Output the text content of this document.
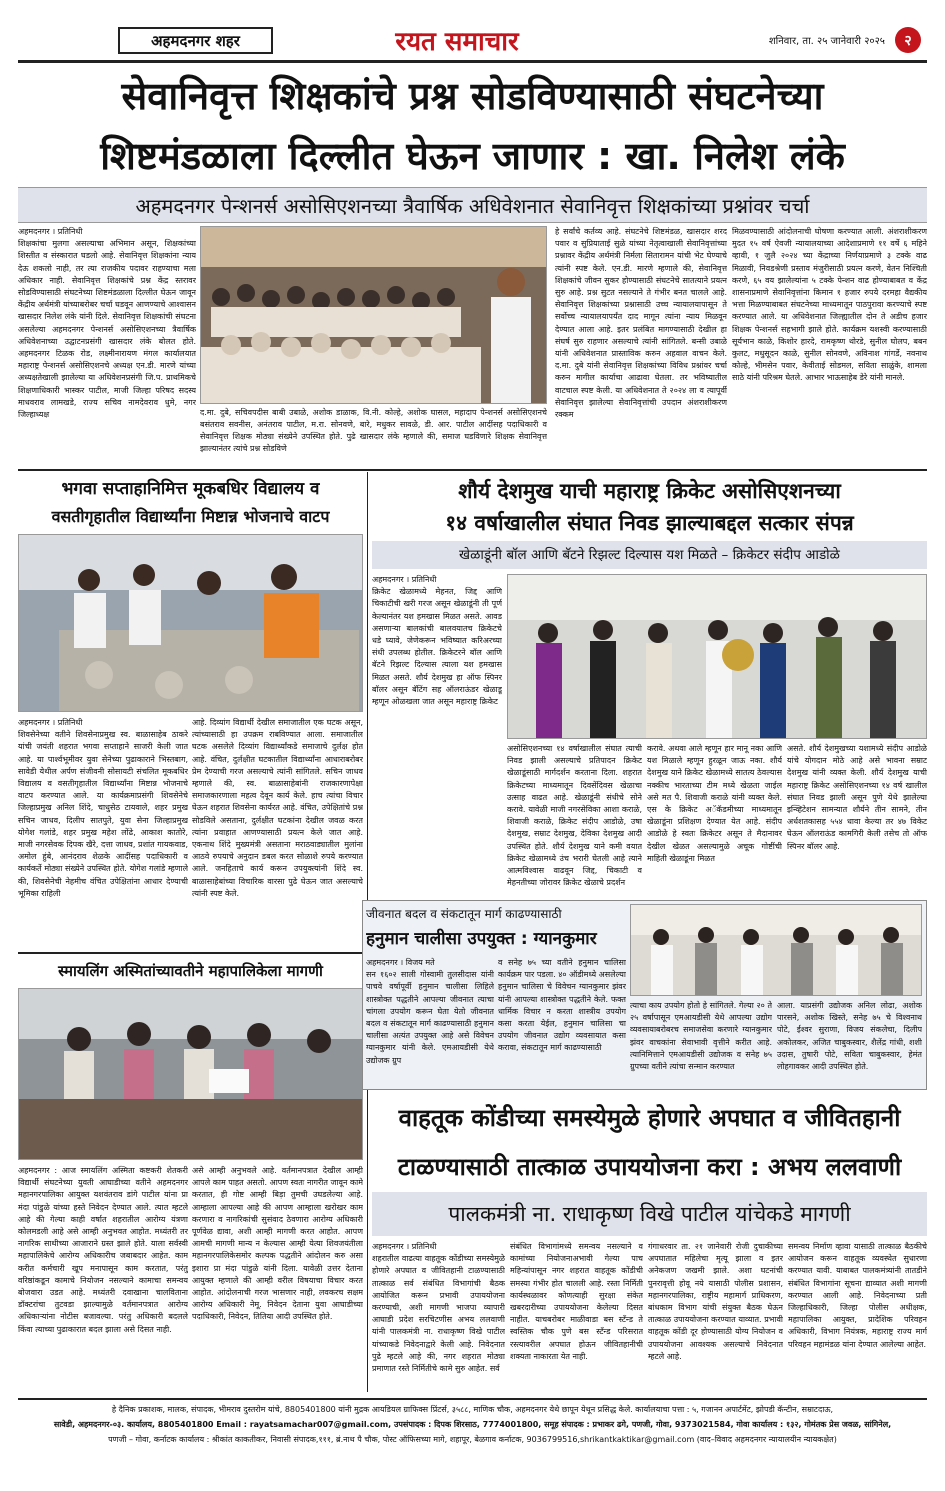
अहमदनगर शहर	रयत समाचार	शनिवार, ता. २५ जानेवारी २०२५ २
सेवानिवृत्त शिक्षकांचे प्रश्न सोडविण्यासाठी संघटनेच्या
शिष्टमंडळाला दिल्लीत घेऊन जाणार : खा. निलेश लंके
अहमदनगर पेन्शनर्स असोसिएशनच्या त्रैवार्षिक अधिवेशनात सेवानिवृत्त शिक्षकांच्या प्रश्नांवर चर्चा
अहमदनगर । प्रतिनिधी
शिक्षकांचा मुलगा असल्याचा अभिमान असून, शिक्षकांच्या शिस्तीत व संस्कारात घडलो आहे. सेवानिवृत्त शिक्षकांना न्याय देऊ शकलो नाही, तर त्या राजकीय पदावर राहण्याचा मला अधिकार नाही. सेवानिवृत्त शिक्षकांचे प्रश्न केंद्र स्तरावर सोडविण्यासाठी संघटनेच्या शिष्टमंडळाला दिल्लीत घेऊन जावून केंद्रीय अर्थमंत्री यांच्याबरोबर चर्चा घडवून आणण्याचे आश्वासन खासदार निलेश लंके यांनी दिले. सेवानिवृत्त शिक्षकांची संघटना असलेल्या अहमदनगर पेन्शनर्स असोसिएशनच्या त्रैवार्षिक अधिवेशनाच्या उद्घाटनप्रसंगी खासदार लंके बोलत होते. अहमदनगर टिळक रोड, लक्ष्मीनारायण मंगल कार्यालयात महाराष्ट्र पेन्शनर्स असोसिएशनचे अध्यक्ष एन.डी. मारणे यांच्या अध्यक्षतेखाली झालेल्या या अधिवेशनप्रसंगी जि.प. प्राथमिकचे शिक्षणाधिकारी भास्कर पाटील, माजी जिल्हा परिषद सदस्य माधवराव लामखडे, राज्य सचिव नामदेवराव धुमे, नगर जिल्हाध्यक्ष	द.मा. दुबे, सचिवपदीस बाबी उबाळे, अशोक डाळाक, वि.नी. कोल्हे, अशोक घासल, महादाप पेन्शनर्स असोसिएशनचे बसंतराव सवनीस, अनंतराव पाटील, म.रा. सोनवणे, बारे, मधुकर सावळे, डी. आर. पाटील आदींसह पदाधिकारी व सेवानिवृत्त शिक्षक मोठ्या संख्येने उपस्थित होते. पुढे खासदार लंके म्हणाले की, समाज घडविणारे शिक्षक सेवानिवृत्त झाल्यानंतर त्यांचे प्रश्न सोडविणे
हे सर्वांचे कर्तव्य आहे. संघटनेचे शिष्टमंडळ, खासदार शरद पवार व सुप्रियाताई सुळे यांच्या नेतृत्वाखाली सेवानिवृत्तांच्या प्रश्नावर केंद्रीय अर्थमंत्री निर्मला सितारामन यांची भेट घेण्याचे त्यांनी स्पष्ट केले. एन.डी. मारणे म्हणाले की, सेवानिवृत्त शिक्षकांचे जीवन सुकर होण्यासाठी संघटनेचे सातत्याने प्रयत्न सुरु आहे. प्रश्न सुटत नसल्याने ते गंभीर बनत चालले आहे. सेवानिवृत्त शिक्षकांच्या प्रश्नासाठी उच्च न्यायालयापासून ते सर्वोच्च न्यायालयापर्यंत दाद मागून त्यांना न्याय मिळवून देण्यात आला आहे. इतर प्रलंबित मागण्यासाठी देखील हा संघर्ष सुरु राहणार असल्याचे त्यांनी सांगितले. बन्सी उबाळे यांनी अधिवेशनात प्रास्ताविक करुन अहवाल वाचन केले. द.मा. दुबे यांनी सेवानिवृत्त शिक्षकांच्या विविध प्रश्नांवर चर्चा करुन मागील कार्याचा आढावा घेतला. तर भविष्यातील वाटचाल स्पष्ट केली. या अधिवेशनात ते २०२४ ला व त्यापूर्वी सेवानिवृत्त झालेल्या सेवानिवृत्तांची उपदान अंशराशीकरण रक्कम
मिळवण्यासाठी आंदोलनाची घोषणा करण्यात आली. अंशराशीकरण मुदत १५ वर्ष ऐवजी न्यायालयाच्या आदेशाप्रमाणे ११ वर्षे ६ महिने व्हावी, १ जुलै २०२४ च्या केंद्राच्या निर्णयाप्रमाणे ३ टक्के वाढ मिळावी, निवडश्रेणी प्रस्ताव मंजुरीसाठी प्रयत्न करणे, वेतन निश्चिती करणे, ६५ वय झालेल्यांना ५ टक्के पेन्शन वाढ होण्याबाबत व केंद्र शासनाप्रमाणे सेवानिवृत्तांना किमान १ हजार रुपये दरमहा वैद्यकीय भत्ता मिळण्याबाबत संघटनेच्या माध्यमातून पाठपुरावा करण्याचे स्पष्ट करण्यात आले. या अधिवेशनात जिल्ह्यातील दोन ते अडीच हजार शिक्षक पेन्शनर्स सहभागी झाले होते. कार्यक्रम यशस्वी करण्यासाठी सूर्यभान काळे, किशोर हारदे, रामकृष्ण थोरडे, सुनील घोलप, बबन कुलट, मधुसूदन काळे, सुनील सोनवणे, अविनाश गांगर्डे, नवनाथ कोल्हे, भीमसेन पवार, केवीताई सोडमल, सविता साळुंके, शामला साठे यांनी परिश्रम घेतले. आभार भाऊसाहेब डेरे यांनी मानले.
भगवा सप्ताहानिमित्त मूकबधिर विद्यालय व
वसतीगृहातील विद्यार्थ्यांना मिष्टान्न भोजनाचे वाटप
अहमदनगर । प्रतिनिधी
शिवसेनेच्या वतीने शिवसेनाप्रमुख स्व. बाळासाहेब ठाकरे यांची जयंती शहरात भगवा सप्ताहाने साजरी केली जात आहे. या पार्श्वभूमीवर युवा सेनेच्या पुढाकाराने भिस्तबाग, सावेडी येथील अर्पण संजीवनी सोसायटी संचलित मूकबधिर विद्यालय व वसतीगृहातील विद्यार्थ्यांना मिष्टान्न भोजनाचे वाटप करण्यात आले. या कार्यक्रमाप्रसंगी शिवसेनेचे जिल्हाप्रमुख अनिल शिंदे, चाधुसेठ टायवाले, शहर प्रमुख सचिन जाधव, दिलीप सातपुते, युवा सेना जिल्हाप्रमुख योगेश गलांडे, शहर प्रमुख महेश लोंढे, आकाश कातोरे, माजी नगरसेवक दिपक खैरे, दत्ता जाधव, प्रशांत गायकवाड, अमोल हुंबे, आनंदराव शेळके आदींसह पदाधिकारी व कार्यकर्ते मोठ्या संख्येने उपस्थित होते. योगेश गलांडे म्हणाले की, शिवसेनेची नेहमीच वंचित उपेक्षितांना आधार देण्याची भूमिका राहिली
आहे. दिव्यांग विद्यार्थी देखील समाजातील एक घटक असून, त्यांच्यासाठी हा उपक्रम राबविण्यात आला. समाजातील घटक असलेले दिव्यांग विद्यार्थ्यांकडे समाजाचे दुर्लक्ष होत आहे. वंचित, दुर्लक्षीत घटकातील विद्यार्थ्यांना आधाराबरोबर प्रेम देण्याची गरज असल्याचे त्यांनी सांगितले. सचिन जाधव म्हणाले की, स्व. बाळासाहेबांनी राजकारणापेक्षा समाजकारणाला महत्व देवून कार्य केले. हाच त्यांचा विचार घेऊन शहरात शिवसेना कार्यरत आहे. वंचित, उपेक्षितांचे प्रश्न सोडविले असताना, दुर्लक्षीत घटकांना देखील जवळ करत त्यांना प्रवाहात आणण्यासाठी प्रयत्न केले जात आहे. एकनाथ शिंदे मुख्यमंत्री असताना मराठवाड्यातील मुलांना आठवे रुपयाचे अनुदान डबल करत सोळाशे रुपये करण्यात आले. जनहिताचे कार्य करून उपयुक्त्यांनी शिंदे स्व. बाळासाहेबांच्या विचारिक वारसा पुढे घेऊन जात असल्याचे त्यांनी स्पष्ट केले.
स्मायलिंग अस्मितांच्यावतीने महापालिकेला मागणी
अहमदनगर : आज स्मायलिंग अस्मिता कष्टकरी शेतकरी विद्यार्थी संघटनेच्या युवती आघाडीच्या वतीने अहमदनगर महानगरपालिका आयुक्त यशवंतराव डांगे पाटील यांना प्रा मंदा पांडुळे यांच्या हस्ते निवेदन देण्यात आले. त्यात म्हटले आहे की गेल्या काही वर्षात शहरातील आरोग्य यंत्रणा कोलमडली आहे असे आम्ही अनुभवत आहोत. मध्यंतरी तर नागरिक साथीच्या आजाराने ग्रस्त झाले होते. याला सर्वस्वी महापालिकेचे आरोग्य अधिकारीच जबाबदार आहेत. काम करीत कर्मचारी खूप मनापासून काम करतात, परंतु वरिष्ठांकडून कामाचे नियोजन नसल्याने कामाचा समन्वय बोजवारा उडत आहे. मध्यंतरी दवाखाना चालविताना डॉक्टरांचा तुटवडा झाल्यामुळे वर्तमानपत्रात आरोग्य अधिकाऱ्यांना नोटीस बजावल्या. परंतु अधिकारी बदलले किंवा त्याच्या पुढाकारात बदल झाला असे दिसत नाही.
असे आम्ही अनुभवले आहे. वर्तमानपत्रात देखील आम्ही आपले काम पाहत असतो. आपण स्वतः नागरीत जावून कामे करतात, ही गोष्ट आम्ही बिड़ा तुमची उघडलेल्या आहे. आम्हाला आपल्या आहे की आपण आम्हाला खरोखर काम करणारा व नागरिकांची सुसंवाद ठेवणारा आरोग्य अधिकारी पूर्णवेळ द्यावा, अशी आम्ही मागणी करत आहोत. आपण आमची मागणी मान्य न केल्यास आम्ही येत्या शिवजयंतीला महानगरपालिकेसमोर कल्पक पद्धतीने आंदोलन करु असा इशारा प्रा मंदा पांडुळे यांनी दिला. यावेळी उत्तर देताना आयुक्त म्हणाले की आम्ही वरील विषयाचा विचार करत आहोत. आंदोलनाची गरज भासणार नाही, लवकरच सक्षम आरोग्य अधिकारी नेमू. निवेदन देताना युवा आघाडीच्या पदाधिकारी, निवेदन, तितिया आदी उपस्थित होते.
शौर्य देशमुख याची महाराष्ट्र क्रिकेट असोसिएशनच्या
१४ वर्षाखालील संघात निवड झाल्याबद्दल सत्कार संपन्न
खेळाडूंनी बॉल आणि बॅटने रिझल्ट दिल्यास यश मिळते – क्रिकेटर संदीप आडोळे
अहमदनगर । प्रतिनिधी
क्रिकेट खेळामध्ये मेहनत, जिद्द आणि चिकाटीची खरी गरज असून खेळाडूंनी ती पूर्ण केल्यानंतर यश हमखास मिळत असते. आवड असणाऱ्या बालकांची बालवयातच क्रिकेटचे धडे घ्यावे, जेणेकरून भविष्यात करिअरच्या संधी उपलब्ध होतील. क्रिकेटरने बॉल आणि बॅटने रिझल्ट दिल्यास त्याला यश हमखास मिळत असते. शौर्य देशमुख हा ऑफ स्पिनर बॉलर असून बॅटिंग सह ऑलराऊंडर खेळाडू म्हणून ओळखला जात असून महाराष्ट्र क्रिकेट
असोसिएशनच्या १४ वर्षाखालील संघात त्याची निवड झाली असल्याचे प्रतिपादन क्रिकेट खेळाडूंसाठी मार्गदर्शन करताना दिला. शहरात क्रिकेटच्या माध्यमातून दिवसेंदिवस खेळाचा उत्साह वाढत आहे. खेळाडूंनी संधीचे सोने करावे. यावेळी माजी नगरसेविका आशा कराळे, शिवाजी कराळे, क्रिकेट संदीप आडोळे, उषा देशमुख, सम्राट देशमुख, देविका देशमुख आदी उपस्थित होते. शौर्य देशमुख याने कमी वयात क्रिकेट खेळामध्ये उंच भरारी घेतली आहे त्याने आत्मविश्वास वाढवून जिद्द, चिकाटी व मेहनतीच्या जोरावर क्रिकेट खेळाचे प्रदर्शन
करावे. अथवा आले म्हणून हार मानू नका आणि यश मिळाले म्हणून हुरळून जाऊ नका. शौर्य देशमुख याने क्रिकेट खेळामध्ये सातत्य ठेवल्यास नक्कीच भारताच्या टीम मध्ये खेळता जाईल असे मत पै. शिवाजी कराळे यांनी व्यक्त केले. एस के क्रिकेट अॅकॅडमीच्या माध्यमातून खेळाडूंना प्रशिक्षण देण्यात येत आहे. संदीप आडोळे हे स्वतः क्रिकेटर असून ते मैदानावर देखील खेळत असल्यामुळे अचूक गोष्टींची माहिती खेळाडूंना मिळत
असते. शौर्य देशमुखच्या यशामध्ये संदीप आडोळे यांचे योगदान मोठे आहे असे भावना सम्राट देशमुख यांनी व्यक्त केली. शौर्य देशमुख याची महाराष्ट्र क्रिकेट असोसिएशनच्या १४ वर्ष खालील संघात निवड झाली असून पुणे येथे झालेल्या इन्व्हिटेशन सामन्यात शौर्यने तीन सामने, तीन अर्धशतकासह ५५४ धावा केल्या तर ४७ विकेट घेऊन ऑलराऊंड कामगिरी केली तसेच तो ऑफ स्पिनर बॉलर आहे.
जीवनात बदल व संकटातून मार्ग काढण्यासाठी
हनुमान चालीसा उपयुक्त : ग्यानकुमार
अहमदनगर । विजय मते
सन १६०२ साली गोस्वामी तुलसीदास यांनी पाचवे वर्षापूर्वी हनुमान चालीसा लिहिले शास्त्रोक्त पद्धतीने आपल्या जीवनात त्याचा चांगला उपयोग करून घेता येतो जीवनात बदल व संकटातून मार्ग काढण्यासाठी हनुमान चालीसा अत्यंत उपयुक्त आहे असे विवेचन ग्यानकुमार यांनी केले. एमआयडीसी येथे उद्योजक ग्रुप
व सनेह ७५ च्या वतीने हनुमान चालिसा कार्यक्रम पार पडला. ४० ऑडीमध्ये असलेल्या हनुमान चालिसा चे विवेचन ग्यानकुमार झंवर यांनी आपल्या शास्त्रोक्त पद्धतीने केले. फक्त धार्मिक विचार न करता शास्त्रीय उपयोग कसा करता येईल, हनुमान चालिसा चा उपयोग जीवनात उद्योग व्यवसायात कसा करावा, संकटातून मार्ग काढण्यासाठी
त्याचा काय उपयोग होतो हे सांगितले. गेल्या २० ते २५ वर्षापासून एमआयडीसी येथे आपल्या उद्योग व्यवसायाबरोबरच समाजसेवा करणारे ग्यानकुमार झंवर वाचकांना सेवाभावी वृत्तीने करीत आहे. त्यानिमित्ताने एमआयडीसी उद्योजक व सनेह ७५ ग्रुपच्या वतीने त्यांचा सन्मान करण्यात
आला. याप्रसंगी उद्योजक अनिल लोढा, अशोक पारसने, अशोक खिस्ते, सनेह ७५ चे विश्वनाथ पोटे, ईश्वर सुराणा, विजय संकलेचा, दिलीप अकोलकर, अजित चाबुकस्वार, शैलेंद्र गांधी, शशी उदास, तुषारी पोटे, सविता चाबुकस्वार, हेमंत लोहगावकर आदी उपस्थित होते.
वाहतूक कोंडीच्या समस्येमुळे होणारे अपघात व जीवितहानी
टाळण्यासाठी तात्काळ उपाययोजना करा : अभय ललवाणी
पालकमंत्री ना. राधाकृष्ण विखे पाटील यांचेकडे मागणी
अहमदनगर । प्रतिनिधी
शहरातील वाढत्या वाहतूक कोंडीच्या समस्येमुळे होणारे अपघात व जीवितहानी टाळण्यासाठी तात्काळ सर्व संबंधित विभागांची बैठक आयोजित करून प्रभावी उपाययोजना करण्याची, अशी मागणी भाजपा व्यापारी आघाडी प्रदेश सरचिटणीस अभय ललवाणी यांनी पालकमंत्री ना. राधाकृष्ण विखे पाटील यांच्याकडे निवेदनाद्वारे केली आहे. निवेदनात पुढे म्हटले आहे की, नगर शहरात मोठ्या प्रमाणात रस्ते निर्मितीचे कामे सुरु आहेत. सर्व
संबंधित विभागांमध्ये समन्वय नसल्याने व कामांच्या नियोजनाअभावी गेल्या पाच महिन्यांपासून नगर शहरात वाहतूक कोंडीची समस्या गंभीर होत चालली आहे. रस्ता निर्मिती कार्यस्थळावर कोणत्याही सुरक्षा संकेत खबरदारीच्या उपाययोजना केलेल्या दिसत नाहीत. याचबरोबर माळीवाडा बस स्टँन्ड ते स्वस्तिक चौक पुणे बस स्टँन्ड परिसरात रस्त्यावरील अपघात होऊन जीवितहानीची शक्यता नाकारता येत नाही.
गंगाधरवार ता. २१ जानेवारी रोजी दुचाकीच्या अपघातात महिलेचा मृत्यू झाला व इतर अनेकजण जखमी झाले. अशा घटनांची पुनरावृत्ती होवू नये यासाठी पोलीस प्रशासन, महानगरपालिका, राष्ट्रीय महामार्ग प्राधिकरण, बांधकाम विभाग यांची संयुक्त बैठक घेऊन तात्काळ उपाययोजना करण्यात याव्यात. प्रभावी वाहतूक कोंडी दूर होण्यासाठी योग्य नियोजन व उपाययोजना आवश्यक असल्याचे निवेदनात म्हटले आहे.
समन्वय निर्माण व्हावा यासाठी तात्काळ बैठकीचे आयोजन करून वाहतूक व्यवस्थेत सुधारणा करण्यात यावी. याबाबत पालकमंत्र्यांनी तातडीने संबंधित विभागांना सूचना द्याव्यात अशी मागणी करण्यात आली आहे. निवेदनाच्या प्रती जिल्हाधिकारी, जिल्हा पोलीस अधीक्षक, महापालिका आयुक्त, प्रादेशिक परिवहन अधिकारी, विभाग नियंत्रक, महाराष्ट्र राज्य मार्ग परिवहन महामंडळ यांना देण्यात आलेल्या आहेत.
हे दैनिक प्रकाशक, मालक, संपादक, भीमराव दुस्तरोम यांचे, 8805401800 यांनी मुद्रक आयडियल ग्राफिक्स प्रिंटर्स, ३५८८, माणिक चौक, अहमदनगर येथे छापून येथून प्रसिद्ध केले. कार्यालयाचा पत्ता : ५, गजानन अपार्टमेंट, झोपडी कॅन्टीन, सम्राटदाऊ,
सावेडी, अहमदनगर-०३. कार्यालय, 8805401800 Email : rayatsamachar007@gmail.com, उपसंपादक : दिपक शिरसाठ, 7774001800, समूह संपादक : प्रभाकर ढगे, पणजी, गोवा, 9373021584, गोवा कार्यालय : १३२, गोमंतक प्रेस जवळ, सांगिनेल,
पणजी – गोवा, कर्नाटक कार्यालय : श्रीकांत काकतीकर, निवासी संपादक,१११, ब्रं.नाथ पै चौक, पोस्ट ऑफिसच्या मागे, शहापूर, बेळगाव कर्नाटक, 9036799516,shrikantkaktikar@gmail.com (वाद–विवाद अहमदनगर न्यायालयीन न्यायकक्षेत)
